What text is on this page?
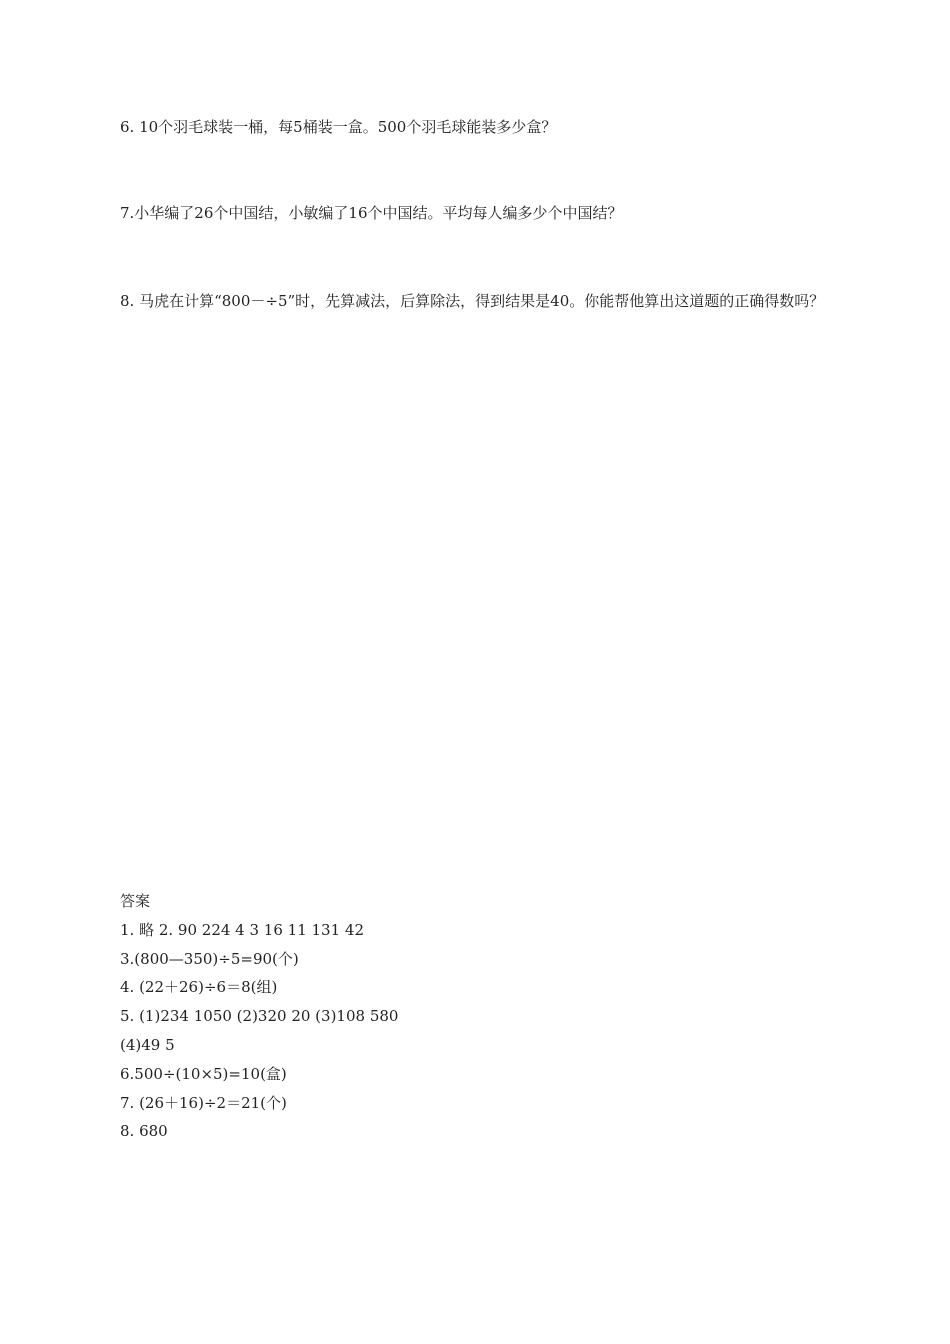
6. 10个羽毛球装一桶，每5桶装一盒。500个羽毛球能装多少盒？
7.小华编了26个中国结，小敏编了16个中国结。平均每人编多少个中国结？
8. 马虎在计算“800－÷5”时，先算减法，后算除法，得到结果是40。你能帮他算出这道题的正确得数吗？
答案
1. 略 2. 90 224 4 3 16 11 131 42
3.(800—350)÷5=90(个)
4. (22＋26)÷6＝8(组)
5. (1)234 1050 (2)320 20 (3)108 580
(4)49 5
6.500÷(10×5)=10(盒)
7. (26＋16)÷2＝21(个)
8. 680
